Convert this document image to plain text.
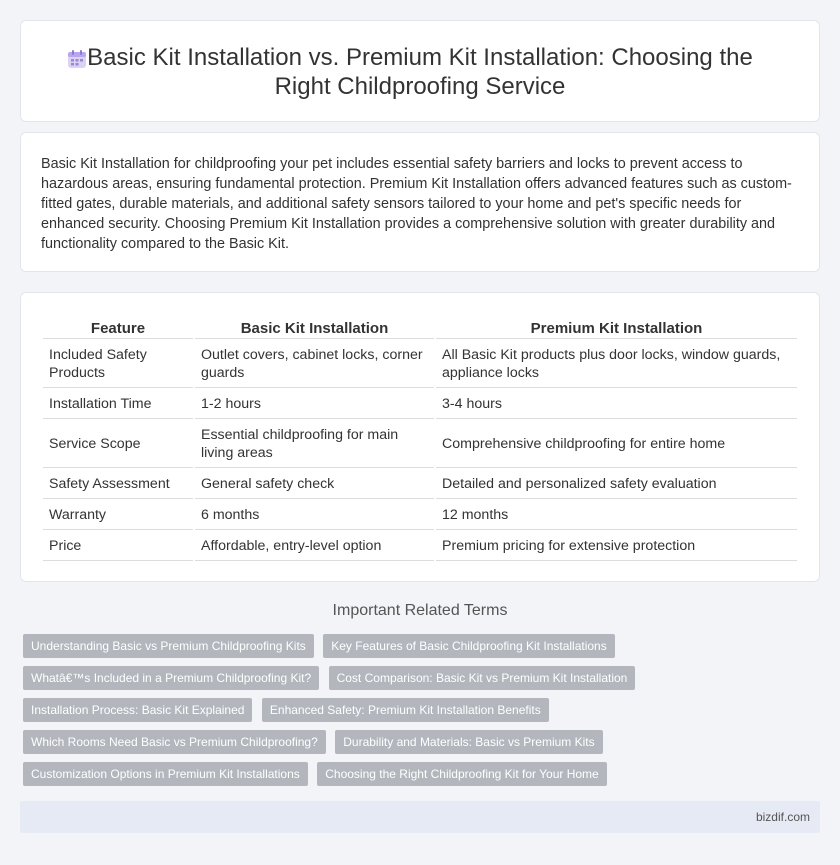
Basic Kit Installation vs. Premium Kit Installation: Choosing the Right Childproofing Service

Basic Kit Installation for childproofing your pet includes essential safety barriers and locks to prevent access to hazardous areas, ensuring fundamental protection. Premium Kit Installation offers advanced features such as custom-fitted gates, durable materials, and additional safety sensors tailored to your home and pet's specific needs for enhanced security. Choosing Premium Kit Installation provides a comprehensive solution with greater durability and functionality compared to the Basic Kit.

Feature	Basic Kit Installation	Premium Kit Installation
Included Safety Products	Outlet covers, cabinet locks, corner guards	All Basic Kit products plus door locks, window guards, appliance locks
Installation Time	1-2 hours	3-4 hours
Service Scope	Essential childproofing for main living areas	Comprehensive childproofing for entire home
Safety Assessment	General safety check	Detailed and personalized safety evaluation
Warranty	6 months	12 months
Price	Affordable, entry-level option	Premium pricing for extensive protection
Important Related Terms
Understanding Basic vs Premium Childproofing Kits Key Features of Basic Childproofing Kit Installations
Whatâ€™s Included in a Premium Childproofing Kit? Cost Comparison: Basic Kit vs Premium Kit Installation
Installation Process: Basic Kit Explained Enhanced Safety: Premium Kit Installation Benefits
Which Rooms Need Basic vs Premium Childproofing? Durability and Materials: Basic vs Premium Kits
Customization Options in Premium Kit Installations Choosing the Right Childproofing Kit for Your Home
bizdif.com
